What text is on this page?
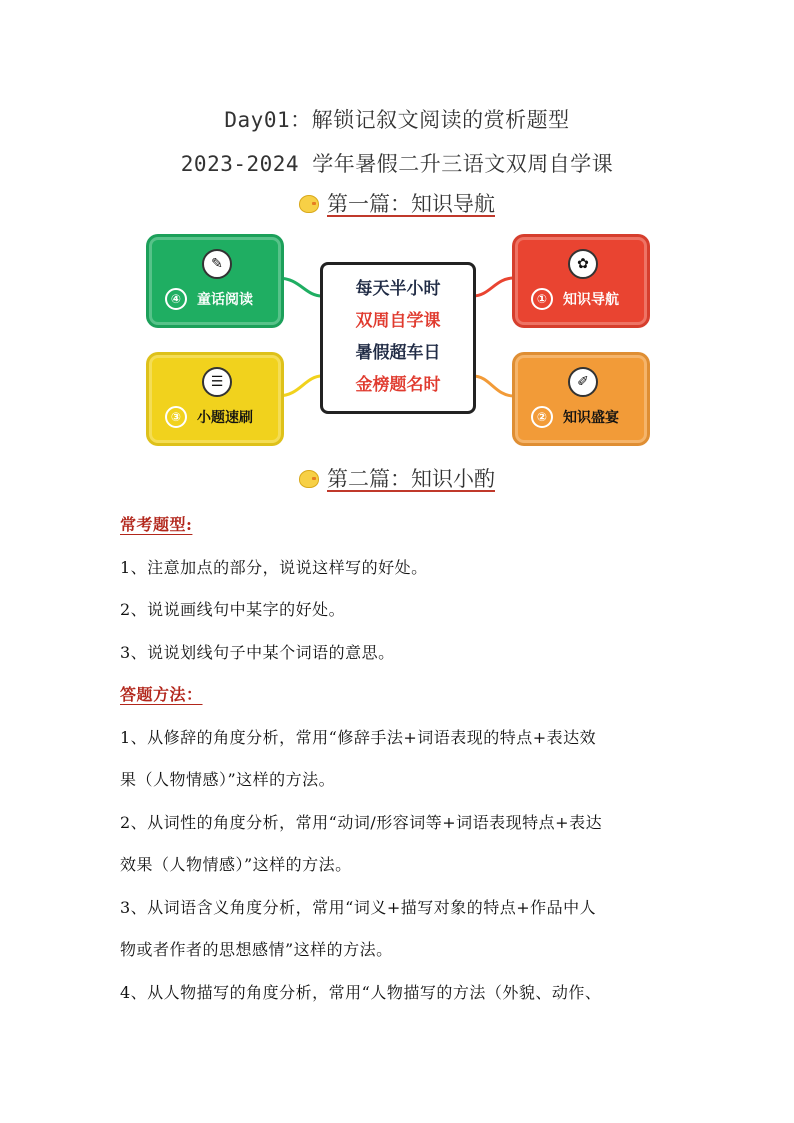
Day01：解锁记叙文阅读的赏析题型
2023-2024 学年暑假二升三语文双周自学课
第一篇：知识导航
✎
④	童话阅读
☰
③	小题速刷
✿
①	知识导航
✐
②	知识盛宴
每天半小时
双周自学课
暑假超车日
金榜题名时
第二篇：知识小酌
常考题型:
1、注意加点的部分，说说这样写的好处。
2、说说画线句中某字的好处。
3、说说划线句子中某个词语的意思。
答题方法：
1、从修辞的角度分析，常用“修辞手法+词语表现的特点+表达效
果（人物情感）”这样的方法。
2、从词性的角度分析，常用“动词/形容词等+词语表现特点+表达
效果（人物情感）”这样的方法。
3、从词语含义角度分析，常用“词义+描写对象的特点+作品中人
物或者作者的思想感情”这样的方法。
4、从人物描写的角度分析，常用“人物描写的方法（外貌、动作、
